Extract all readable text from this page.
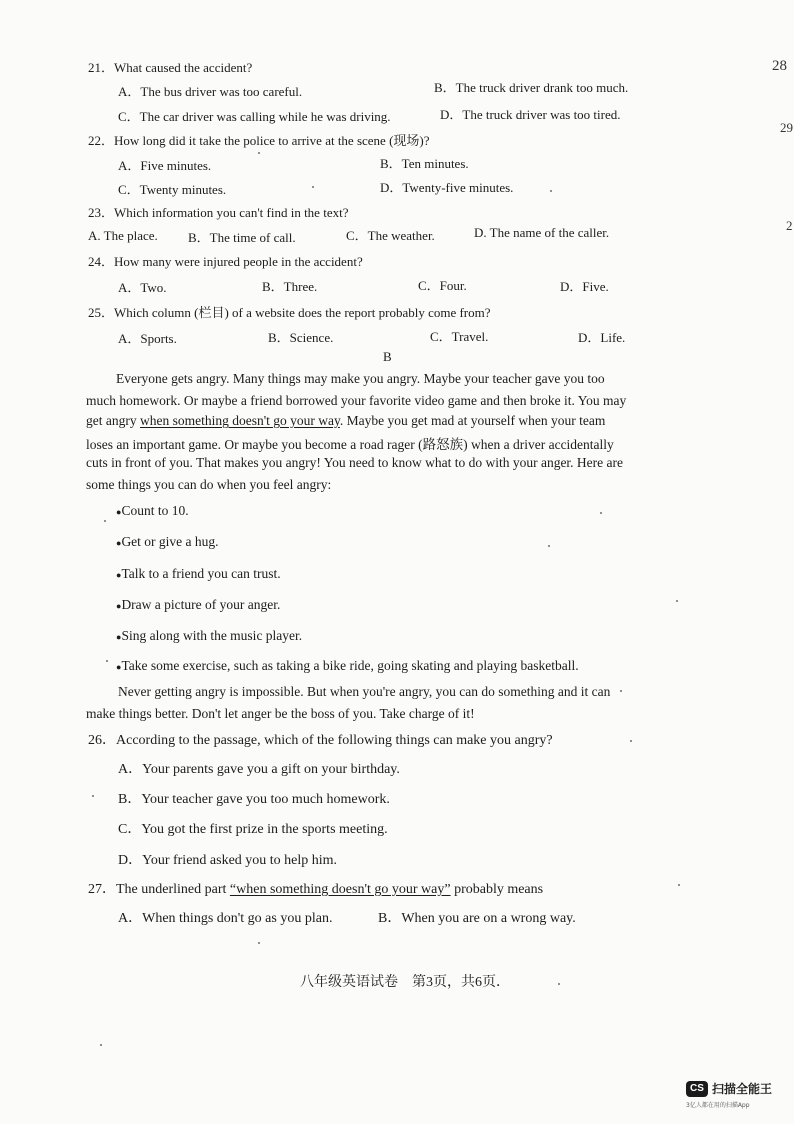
28
29
2
21．What caused the accident?
A．The bus driver was too careful.	B．The truck driver drank too much.
C．The car driver was calling while he was driving.	D．The truck driver was too tired.
22．How long did it take the police to arrive at the scene (现场)?
A．Five minutes.	B．Ten minutes.
C．Twenty minutes.	D．Twenty-five minutes.
23．Which information you can't find in the text?
A. The place. B．The time of call.	C．The weather.	D. The name of the caller.
24．How many were injured people in the accident?
A．Two.	B．Three.	C．Four.	D．Five.
25．Which column (栏目) of a website does the report probably come from?
A．Sports.	B．Science.	C．Travel.	D．Life.
B
Everyone gets angry. Many things may make you angry. Maybe your teacher gave you too
much homework. Or maybe a friend borrowed your favorite video game and then broke it. You may
get angry when something doesn't go your way. Maybe you get mad at yourself when your team
loses an important game. Or maybe you become a road rager (路怒族) when a driver accidentally
cuts in front of you. That makes you angry! You need to know what to do with your anger. Here are
some things you can do when you feel angry:
●Count to 10.
●Get or give a hug.
●Talk to a friend you can trust.
●Draw a picture of your anger.
●Sing along with the music player.
●Take some exercise, such as taking a bike ride, going skating and playing basketball.
Never getting angry is impossible. But when you're angry, you can do something and it can
make things better. Don't let anger be the boss of you. Take charge of it!
26．According to the passage, which of the following things can make you angry?
A．Your parents gave you a gift on your birthday.
B．Your teacher gave you too much homework.
C．You got the first prize in the sports meeting.
D．Your friend asked you to help him.
27．The underlined part “when something doesn't go your way” probably means
A．When things don't go as you plan.	B．When you are on a wrong way.
八年级英语试卷　第3页，共6页．
CS 扫描全能王
3亿人都在用的扫描App
